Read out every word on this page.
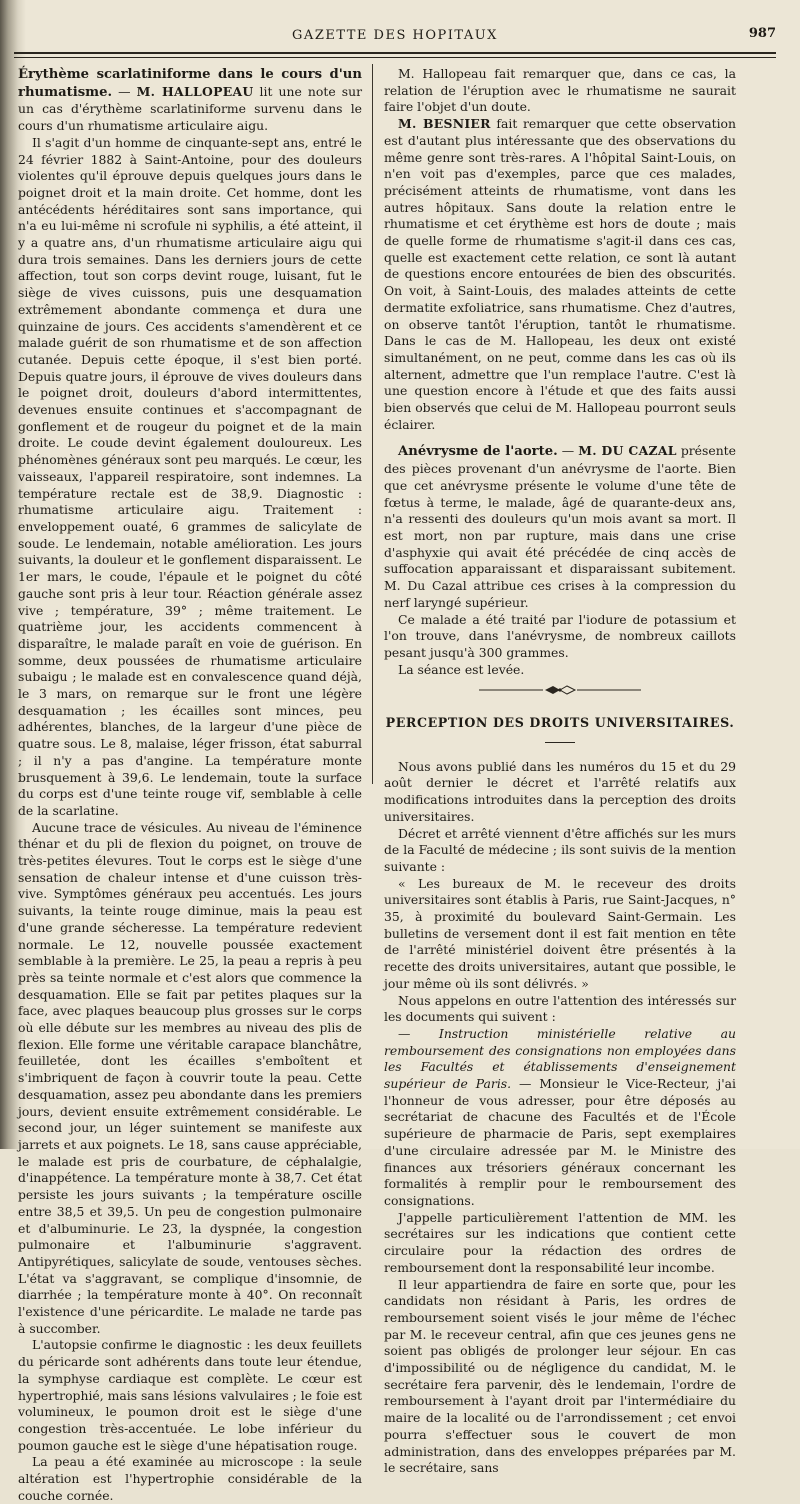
GAZETTE DES HOPITAUX	987

Érythème scarlatiniforme dans le cours d'un rhumatisme. — M. HALLOPEAU lit une note sur un cas d'érythème scarlatiniforme survenu dans le cours d'un rhumatisme articulaire aigu.

Il s'agit d'un homme de cinquante-sept ans, entré le 24 février 1882 à Saint-Antoine, pour des douleurs violentes qu'il éprouve depuis quelques jours dans le poignet droit et la main droite. Cet homme, dont les antécédents héréditaires sont sans importance, qui n'a eu lui-même ni scrofule ni syphilis, a été atteint, il y a quatre ans, d'un rhumatisme articulaire aigu qui dura trois semaines. Dans les derniers jours de cette affection, tout son corps devint rouge, luisant, fut le siège de vives cuissons, puis une desquamation extrêmement abondante commença et dura une quinzaine de jours. Ces accidents s'amendèrent et ce malade guérit de son rhumatisme et de son affection cutanée. Depuis cette époque, il s'est bien porté. Depuis quatre jours, il éprouve de vives douleurs dans le poignet droit, douleurs d'abord intermittentes, devenues ensuite continues et s'accompagnant de gonflement et de rougeur du poignet et de la main droite. Le coude devint également douloureux. Les phénomènes généraux sont peu marqués. Le cœur, les vaisseaux, l'appareil respiratoire, sont indemnes. La température rectale est de 38,9. Diagnostic : rhumatisme articulaire aigu. Traitement : enveloppement ouaté, 6 grammes de salicylate de soude. Le lendemain, notable amélioration. Les jours suivants, la douleur et le gonflement disparaissent. Le 1er mars, le coude, l'épaule et le poignet du côté gauche sont pris à leur tour. Réaction générale assez vive ; température, 39° ; même traitement. Le quatrième jour, les accidents commencent à disparaître, le malade paraît en voie de guérison. En somme, deux poussées de rhumatisme articulaire subaigu ; le malade est en convalescence quand déjà, le 3 mars, on remarque sur le front une légère desquamation ; les écailles sont minces, peu adhérentes, blanches, de la largeur d'une pièce de quatre sous. Le 8, malaise, léger frisson, état saburral ; il n'y a pas d'angine. La température monte brusquement à 39,6. Le lendemain, toute la surface du corps est d'une teinte rouge vif, semblable à celle de la scarlatine.

Aucune trace de vésicules. Au niveau de l'éminence thénar et du pli de flexion du poignet, on trouve de très-petites élevures. Tout le corps est le siège d'une sensation de chaleur intense et d'une cuisson très-vive. Symptômes généraux peu accentués. Les jours suivants, la teinte rouge diminue, mais la peau est d'une grande sécheresse. La température redevient normale. Le 12, nouvelle poussée exactement semblable à la première. Le 25, la peau a repris à peu près sa teinte normale et c'est alors que commence la desquamation. Elle se fait par petites plaques sur la face, avec plaques beaucoup plus grosses sur le corps où elle débute sur les membres au niveau des plis de flexion. Elle forme une véritable carapace blanchâtre, feuilletée, dont les écailles s'emboîtent et s'imbriquent de façon à couvrir toute la peau. Cette desquamation, assez peu abondante dans les premiers jours, devient ensuite extrêmement considérable. Le second jour, un léger suintement se manifeste aux jarrets et aux poignets. Le 18, sans cause appréciable, le malade est pris de courbature, de céphalalgie, d'inappétence. La température monte à 38,7. Cet état persiste les jours suivants ; la température oscille entre 38,5 et 39,5. Un peu de congestion pulmonaire et d'albuminurie. Le 23, la dyspnée, la congestion pulmonaire et l'albuminurie s'aggravent. Antipyrétiques, salicylate de soude, ventouses sèches. L'état va s'aggravant, se complique d'insomnie, de diarrhée ; la température monte à 40°. On reconnaît l'existence d'une péricardite. Le malade ne tarde pas à succomber.

L'autopsie confirme le diagnostic : les deux feuillets du péricarde sont adhérents dans toute leur étendue, la symphyse cardiaque est complète. Le cœur est hypertrophié, mais sans lésions valvulaires ; le foie est volumineux, le poumon droit est le siège d'une congestion très-accentuée. Le lobe inférieur du poumon gauche est le siège d'une hépatisation rouge.

La peau a été examinée au microscope : la seule altération est l'hypertrophie considérable de la couche cornée.

M. Hallopeau fait remarquer que, dans ce cas, la relation de l'éruption avec le rhumatisme ne saurait faire l'objet d'un doute.

M. BESNIER fait remarquer que cette observation est d'autant plus intéressante que des observations du même genre sont très-rares. A l'hôpital Saint-Louis, on n'en voit pas d'exemples, parce que ces malades, précisément atteints de rhumatisme, vont dans les autres hôpitaux. Sans doute la relation entre le rhumatisme et cet érythème est hors de doute ; mais de quelle forme de rhumatisme s'agit-il dans ces cas, quelle est exactement cette relation, ce sont là autant de questions encore entourées de bien des obscurités. On voit, à Saint-Louis, des malades atteints de cette dermatite exfoliatrice, sans rhumatisme. Chez d'autres, on observe tantôt l'éruption, tantôt le rhumatisme. Dans le cas de M. Hallopeau, les deux ont existé simultanément, on ne peut, comme dans les cas où ils alternent, admettre que l'un remplace l'autre. C'est là une question encore à l'étude et que des faits aussi bien observés que celui de M. Hallopeau pourront seuls éclairer.

Anévrysme de l'aorte. — M. DU CAZAL présente des pièces provenant d'un anévrysme de l'aorte. Bien que cet anévrysme présente le volume d'une tête de fœtus à terme, le malade, âgé de quarante-deux ans, n'a ressenti des douleurs qu'un mois avant sa mort. Il est mort, non par rupture, mais dans une crise d'asphyxie qui avait été précédée de cinq accès de suffocation apparaissant et disparaissant subitement. M. Du Cazal attribue ces crises à la compression du nerf laryngé supérieur.

Ce malade a été traité par l'iodure de potassium et l'on trouve, dans l'anévrysme, de nombreux caillots pesant jusqu'à 300 grammes.

La séance est levée.

PERCEPTION DES DROITS UNIVERSITAIRES.

Nous avons publié dans les numéros du 15 et du 29 août dernier le décret et l'arrêté relatifs aux modifications introduites dans la perception des droits universitaires.

Décret et arrêté viennent d'être affichés sur les murs de la Faculté de médecine ; ils sont suivis de la mention suivante :

« Les bureaux de M. le receveur des droits universitaires sont établis à Paris, rue Saint-Jacques, n° 35, à proximité du boulevard Saint-Germain. Les bulletins de versement dont il est fait mention en tête de l'arrêté ministériel doivent être présentés à la recette des droits universitaires, autant que possible, le jour même où ils sont délivrés. »

Nous appelons en outre l'attention des intéressés sur les documents qui suivent :

— Instruction ministérielle relative au remboursement des consignations non employées dans les Facultés et établissements d'enseignement supérieur de Paris. — Monsieur le Vice-Recteur, j'ai l'honneur de vous adresser, pour être déposés au secrétariat de chacune des Facultés et de l'École supérieure de pharmacie de Paris, sept exemplaires d'une circulaire adressée par M. le Ministre des finances aux trésoriers généraux concernant les formalités à remplir pour le remboursement des consignations.

J'appelle particulièrement l'attention de MM. les secrétaires sur les indications que contient cette circulaire pour la rédaction des ordres de remboursement dont la responsabilité leur incombe.

Il leur appartiendra de faire en sorte que, pour les candidats non résidant à Paris, les ordres de remboursement soient visés le jour même de l'échec par M. le receveur central, afin que ces jeunes gens ne soient pas obligés de prolonger leur séjour. En cas d'impossibilité ou de négligence du candidat, M. le secrétaire fera parvenir, dès le lendemain, l'ordre de remboursement à l'ayant droit par l'intermédiaire du maire de la localité ou de l'arrondissement ; cet envoi pourra s'effectuer sous le couvert de mon administration, dans des enveloppes préparées par M. le secrétaire, sans
